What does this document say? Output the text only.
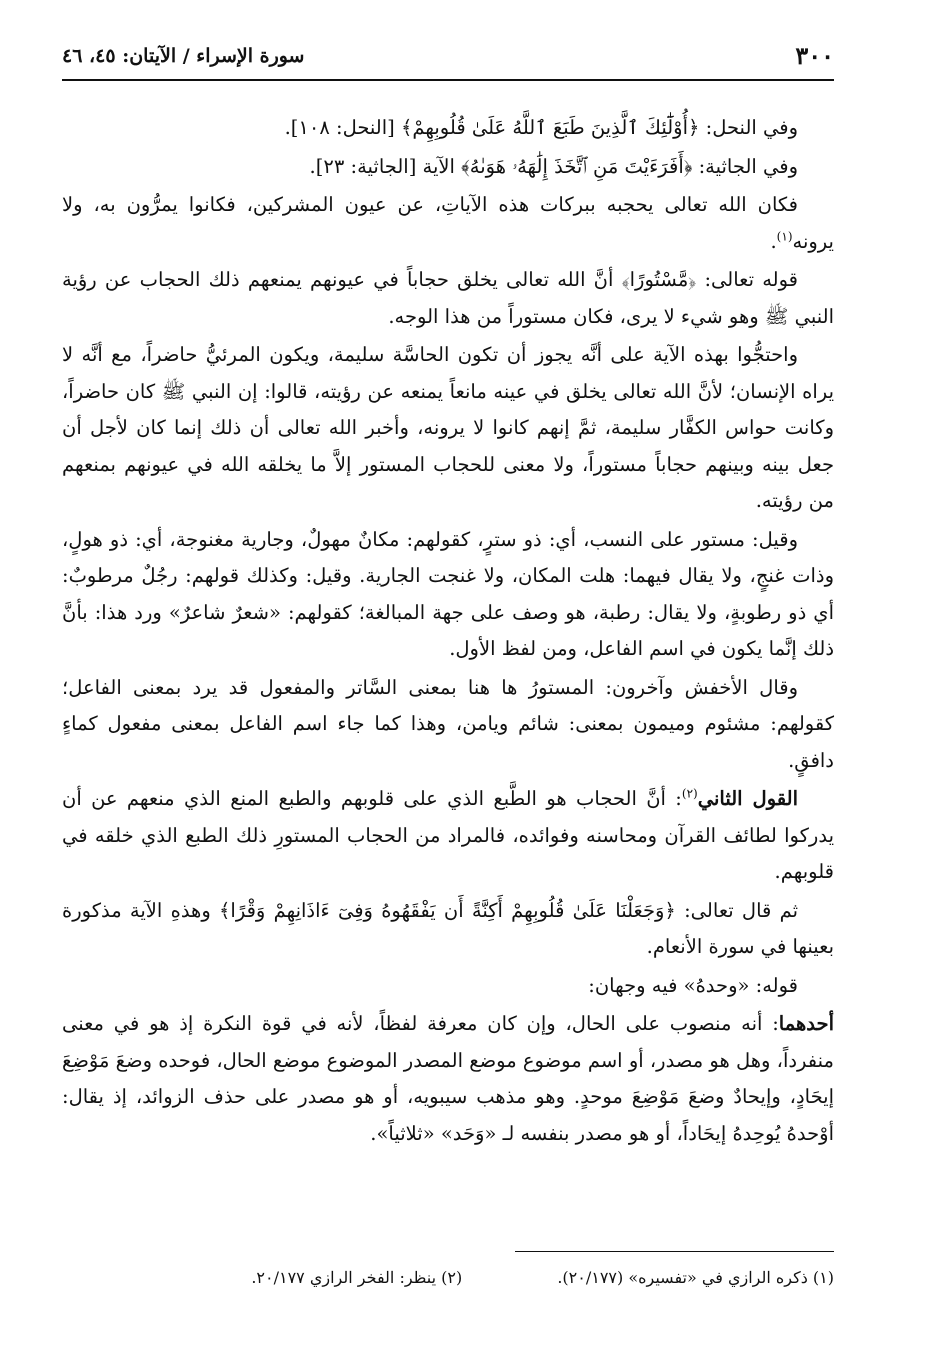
٣٠٠
سورة الإسراء / الآيتان: ٤٥، ٤٦

وفي النحل: ﴿أُوْلَٰٓئِكَ ٱلَّذِينَ طَبَعَ ٱللَّهُ عَلَىٰ قُلُوبِهِمْ﴾ [النحل: ١٠٨].

وفي الجاثية: ﴿أَفَرَءَيْتَ مَنِ ٱتَّخَذَ إِلَٰهَهُۥ هَوَىٰهُ﴾ الآية [الجاثية: ٢٣].

فكان الله تعالى يحجبه ببركات هذه الآياتِ، عن عيون المشركين، فكانوا يمرُّون به، ولا يرونه$^{(١)}$.

قوله تعالى: ﴿مَّسْتُورًا﴾ أنَّ الله تعالى يخلق حجاباً في عيونهم يمنعهم ذلك الحجاب عن رؤية النبي ﷺ وهو شيء لا يرى، فكان مستوراً من هذا الوجه.

واحتجُّوا بهذه الآية على أنَّه يجوز أن تكون الحاسَّة سليمة، ويكون المرئيُّ حاضراً، مع أنَّه لا يراه الإنسان؛ لأنَّ الله تعالى يخلق في عينه مانعاً يمنعه عن رؤيته، قالوا: إن النبي ﷺ كان حاضراً، وكانت حواس الكفَّار سليمة، ثمَّ إنهم كانوا لا يرونه، وأخبر الله تعالى أن ذلك إنما كان لأجل أن جعل بينه وبينهم حجاباً مستوراً، ولا معنى للحجاب المستور إلاَّ ما يخلقه الله في عيونهم بمنعهم من رؤيته.

وقيل: مستور على النسب، أي: ذو سترٍ، كقولهم: مكانٌ مهولٌ، وجارية مغنوجة، أي: ذو هولٍ، وذات غنجٍ، ولا يقال فيهما: هلت المكان، ولا غنجت الجارية. وقيل: وكذلك قولهم: رجُلٌ مرطوبٌ: أي ذو رطوبةٍ، ولا يقال: رطبة، هو وصف على جهة المبالغة؛ كقولهم: «شعرٌ شاعرٌ» ورد هذا: بأنَّ ذلك إنَّما يكون في اسم الفاعل، ومن لفظ الأول.

وقال الأخفش وآخرون: المستورُ ها هنا بمعنى السَّاتر والمفعول قد يرد بمعنى الفاعل؛ كقولهم: مشئوم وميمون بمعنى: شائم ويامن، وهذا كما جاء اسم الفاعل بمعنى مفعول كماءٍ دافقٍ.

القول الثاني$^{(٢)}$: أنَّ الحجاب هو الطَّبع الذي على قلوبهم والطبع المنع الذي منعهم عن أن يدركوا لطائف القرآن ومحاسنه وفوائده، فالمراد من الحجاب المستورِ ذلك الطبع الذي خلقه في قلوبهم.

ثم قال تعالى: ﴿وَجَعَلْنَا عَلَىٰ قُلُوبِهِمْ أَكِنَّةً أَن يَفْقَهُوهُ وَفِىٓ ءَاذَانِهِمْ وَقْرًا﴾ وهذهِ الآية مذكورة بعينها في سورة الأنعام.

قوله: «وحدهُ» فيه وجهان:

أحدهما: أنه منصوب على الحال، وإن كان معرفة لفظاً، لأنه في قوة النكرة إذ هو في معنى منفرداً، وهل هو مصدر، أو اسم موضوع موضع المصدر الموضوع موضع الحال، فوحده وضعَ مَوْضِعَ إيحَادٍ، وإيحادٌ وضعَ مَوْضِعَ موحدٍ. وهو مذهب سيبويه، أو هو مصدر على حذف الزوائد، إذ يقال: أوْحدهُ يُوحِدهُ إيحَاداً، أو هو مصدر بنفسه لـ «وَحَد» «ثلاثياً».

(١) ذكره الرازي في «تفسيره» (٢٠/١٧٧). (٢) ينظر: الفخر الرازي ٢٠/١٧٧.
